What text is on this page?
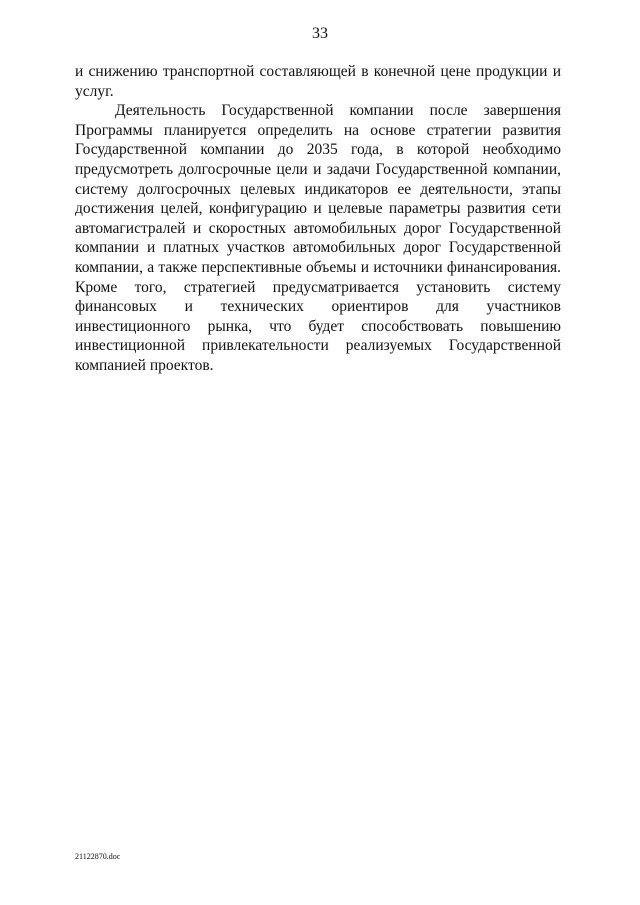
33

и снижению транспортной составляющей в конечной цене продукции и услуг.

Деятельность Государственной компании после завершения Программы планируется определить на основе стратегии развития Государственной компании до 2035 года, в которой необходимо предусмотреть долгосрочные цели и задачи Государственной компании, систему долгосрочных целевых индикаторов ее деятельности, этапы достижения целей, конфигурацию и целевые параметры развития сети автомагистралей и скоростных автомобильных дорог Государственной компании и платных участков автомобильных дорог Государственной компании, а также перспективные объемы и источники финансирования. Кроме того, стратегией предусматривается установить систему финансовых и технических ориентиров для участников инвестиционного рынка, что будет способствовать повышению инвестиционной привлекательности реализуемых Государственной компанией проектов.

21122870.doc
